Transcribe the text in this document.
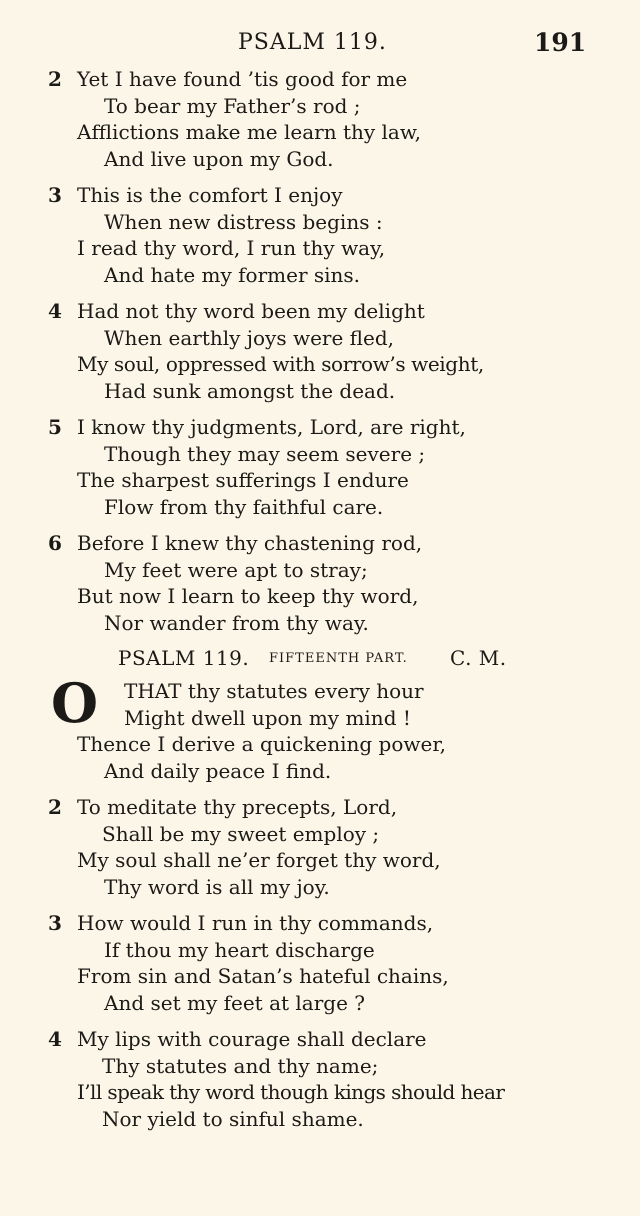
PSALM 119.	191
2 Yet I have found ’tis good for me
To bear my Father’s rod ;
Afflictions make me learn thy law,
And live upon my God.
3 This is the comfort I enjoy
When new distress begins :
I read thy word, I run thy way,
And hate my former sins.
4 Had not thy word been my delight
When earthly joys were fled,
My soul, oppressed with sorrow’s weight,
Had sunk amongst the dead.
5 I know thy judgments, Lord, are right,
Though they may seem severe ;
The sharpest sufferings I endure
Flow from thy faithful care.
6 Before I knew thy chastening rod,
My feet were apt to stray;
But now I learn to keep thy word,
Nor wander from thy way.
PSALM 119. FIFTEENTH PART. C. M.
O	THAT thy statutes every hour
Might dwell upon my mind !
Thence I derive a quickening power,
And daily peace I find.
2 To meditate thy precepts, Lord,
Shall be my sweet employ ;
My soul shall ne’er forget thy word,
Thy word is all my joy.
3 How would I run in thy commands,
If thou my heart discharge
From sin and Satan’s hateful chains,
And set my feet at large ?
4 My lips with courage shall declare
Thy statutes and thy name;
I’ll speak thy word though kings should hear
Nor yield to sinful shame.
